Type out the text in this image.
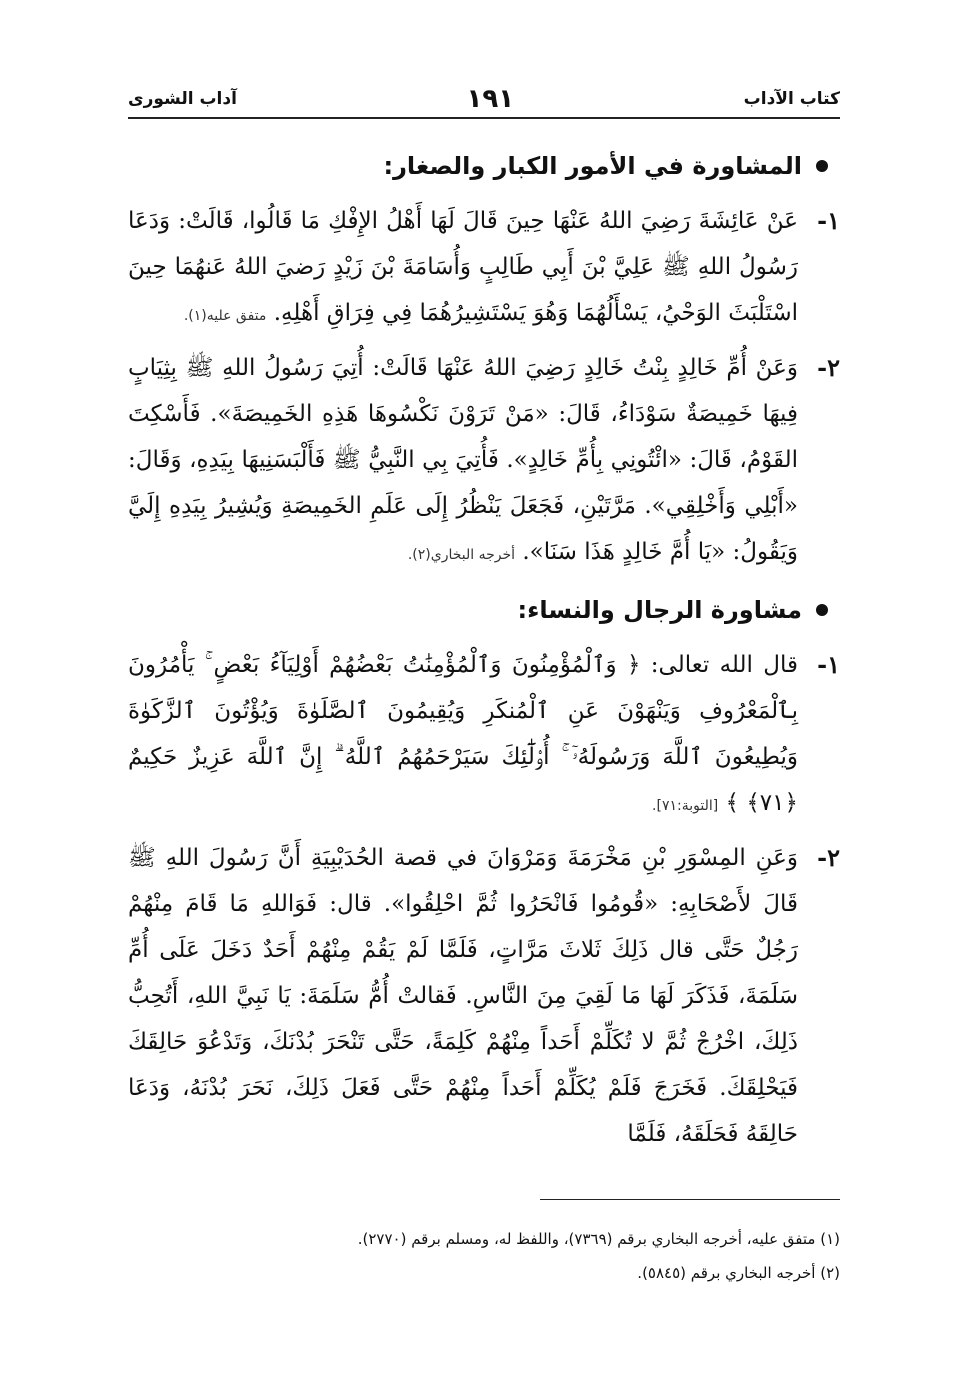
كتاب الآداب
١٩١
آداب الشورى
المشاورة في الأمور الكبار والصغار:
١-
عَنْ عَائِشَةَ رَضِيَ اللهُ عَنْهَا حِينَ قَالَ لَهَا أَهْلُ الإِفْكِ مَا قَالُوا، قَالَتْ: وَدَعَا رَسُولُ اللهِ ﷺ عَلِيَّ بْنَ أَبِي طَالِبٍ وَأُسَامَةَ بْنَ زَيْدٍ رَضيَ اللهُ عَنهُمَا حِينَ اسْتَلْبَثَ الوَحْيُ، يَسْأَلُهُمَا وَهُوَ يَسْتَشِيرُهُمَا فِي فِرَاقِ أَهْلِهِ. متفق عليه(١).
٢-
وَعَنْ أُمِّ خَالِدٍ بِنْتُ خَالِدٍ رَضِيَ اللهُ عَنْهَا قَالَتْ: أُتِيَ رَسُولُ اللهِ ﷺ بِثِيَابٍ فِيهَا خَمِيصَةٌ سَوْدَاءُ، قَالَ: «مَنْ تَرَوْنَ نَكْسُوهَا هَذِهِ الخَمِيصَةَ». فَأَسْكِتَ القَوْمُ، قَالَ: «ائْتُونِي بِأُمِّ خَالِدٍ». فَأُتِيَ بِي النَّبِيُّ ﷺ فَأَلْبَسَنِيهَا بِيَدِهِ، وَقَالَ: «أَبْلِي وَأَخْلِقِي». مَرَّتَيْنِ، فَجَعَلَ يَنْظُرُ إِلَى عَلَمِ الخَمِيصَةِ وَيُشِيرُ بِيَدِهِ إِلَيَّ وَيَقُولُ: «يَا أُمَّ خَالِدٍ هَذَا سَنَا». أخرجه البخاري(٢).
مشاورة الرجال والنساء:
١-
قال الله تعالى: ﴿ وَٱلْمُؤْمِنُونَ وَٱلْمُؤْمِنَٰتُ بَعْضُهُمْ أَوْلِيَآءُ بَعْضٍ ۚ يَأْمُرُونَ بِٱلْمَعْرُوفِ وَيَنْهَوْنَ عَنِ ٱلْمُنكَرِ وَيُقِيمُونَ ٱلصَّلَوٰةَ وَيُؤْتُونَ ٱلزَّكَوٰةَ وَيُطِيعُونَ ٱللَّهَ وَرَسُولَهُۥٓ ۚ أُو۟لَٰٓئِكَ سَيَرْحَمُهُمُ ٱللَّهُ ۗ إِنَّ ٱللَّهَ عَزِيزٌ حَكِيمٌ ﴿٧١﴾ ﴾ [التوبة:٧١].
٢-
وَعَنِ المِسْوَرِ بْنِ مَخْرَمَةَ وَمَرْوَانَ في قصة الحُدَيْبِيَةِ أَنَّ رَسُولَ اللهِ ﷺ قَالَ لأَصْحَابِهِ: «قُومُوا فَانْحَرُوا ثُمَّ احْلِقُوا». قال: فَوَاللهِ مَا قَامَ مِنْهُمْ رَجُلٌ حَتَّى قال ذَلِكَ ثَلاثَ مَرَّاتٍ، فَلَمَّا لَمْ يَقُمْ مِنْهُمْ أَحَدٌ دَخَلَ عَلَى أُمِّ سَلَمَةَ، فَذَكَرَ لَهَا مَا لَقِيَ مِنَ النَّاسِ. فَقالتْ أُمُّ سَلَمَةَ: يَا نَبِيَّ اللهِ، أَتُحِبُّ ذَلِكَ، اخْرُجْ ثُمَّ لا تُكَلِّمْ أَحَداً مِنْهُمْ كَلِمَةً، حَتَّى تَنْحَرَ بُدْنَكَ، وَتَدْعُوَ حَالِقَكَ فَيَحْلِقَكَ. فَخَرَجَ فَلَمْ يُكَلِّمْ أَحَداً مِنْهُمْ حَتَّى فَعَلَ ذَلِكَ، نَحَرَ بُدْنَهُ، وَدَعَا حَالِقَهُ فَحَلَقَهُ، فَلَمَّا
(١) متفق عليه، أخرجه البخاري برقم (٧٣٦٩)، واللفظ له، ومسلم برقم (٢٧٧٠).
(٢) أخرجه البخاري برقم (٥٨٤٥).
